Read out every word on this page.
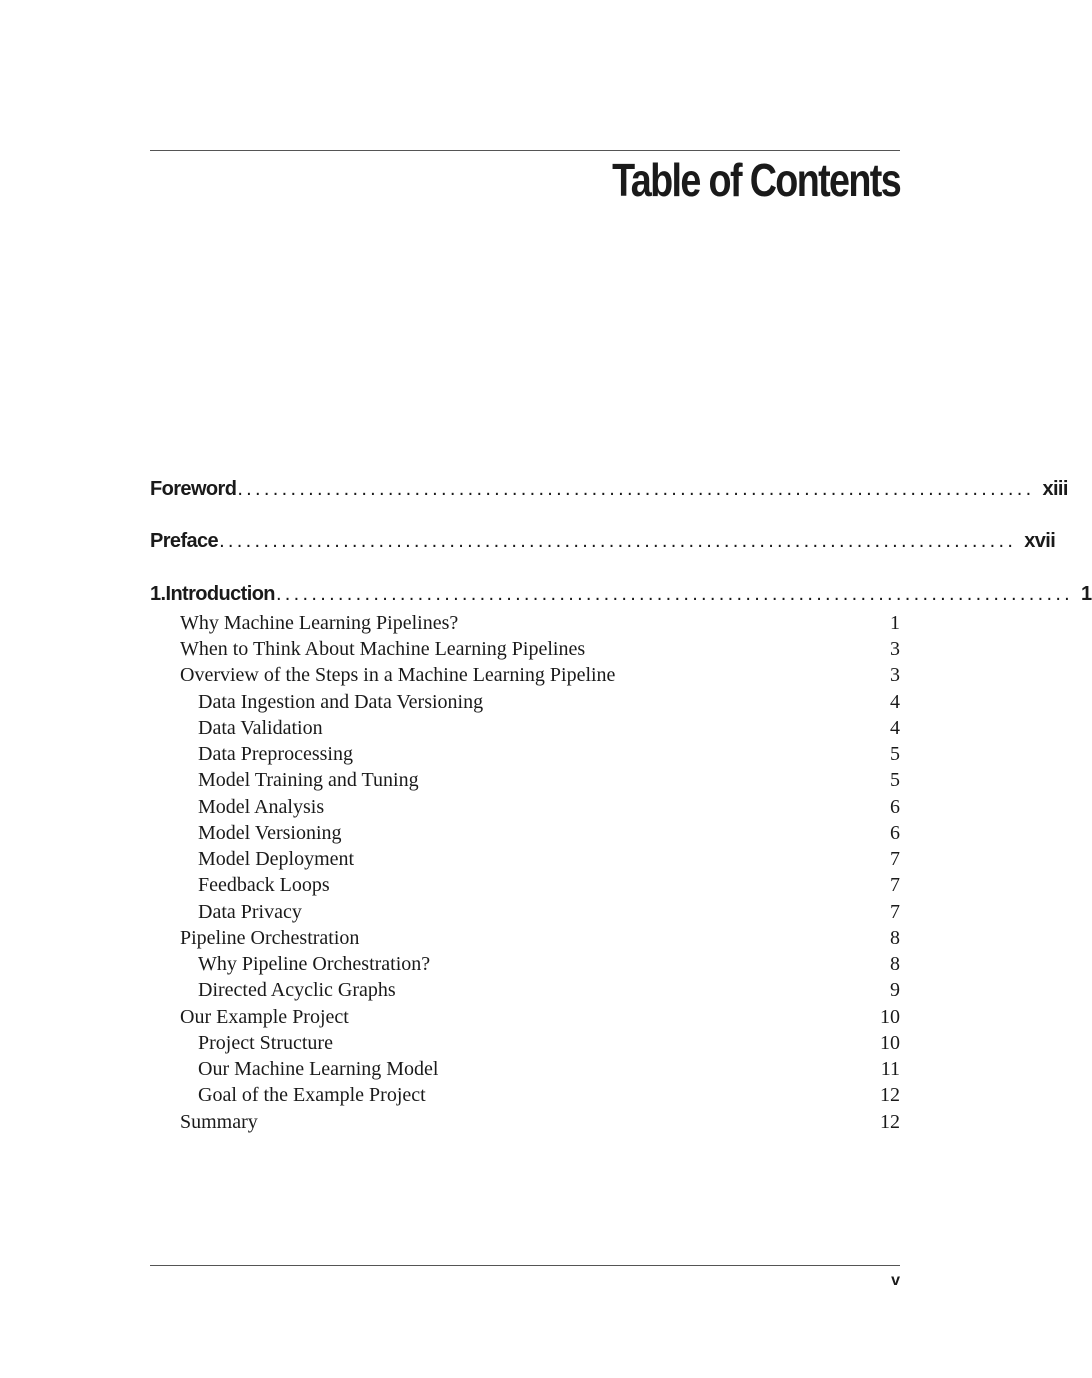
Table of Contents
Foreword .......................................................................................... xiii
Preface .......................................................................................... xvii
1. Introduction .......................................................................................... 1
Why Machine Learning Pipelines?	1
When to Think About Machine Learning Pipelines	3
Overview of the Steps in a Machine Learning Pipeline	3
Data Ingestion and Data Versioning	4
Data Validation	4
Data Preprocessing	5
Model Training and Tuning	5
Model Analysis	6
Model Versioning	6
Model Deployment	7
Feedback Loops	7
Data Privacy	7
Pipeline Orchestration	8
Why Pipeline Orchestration?	8
Directed Acyclic Graphs	9
Our Example Project	10
Project Structure	10
Our Machine Learning Model	11
Goal of the Example Project	12
Summary	12
v
